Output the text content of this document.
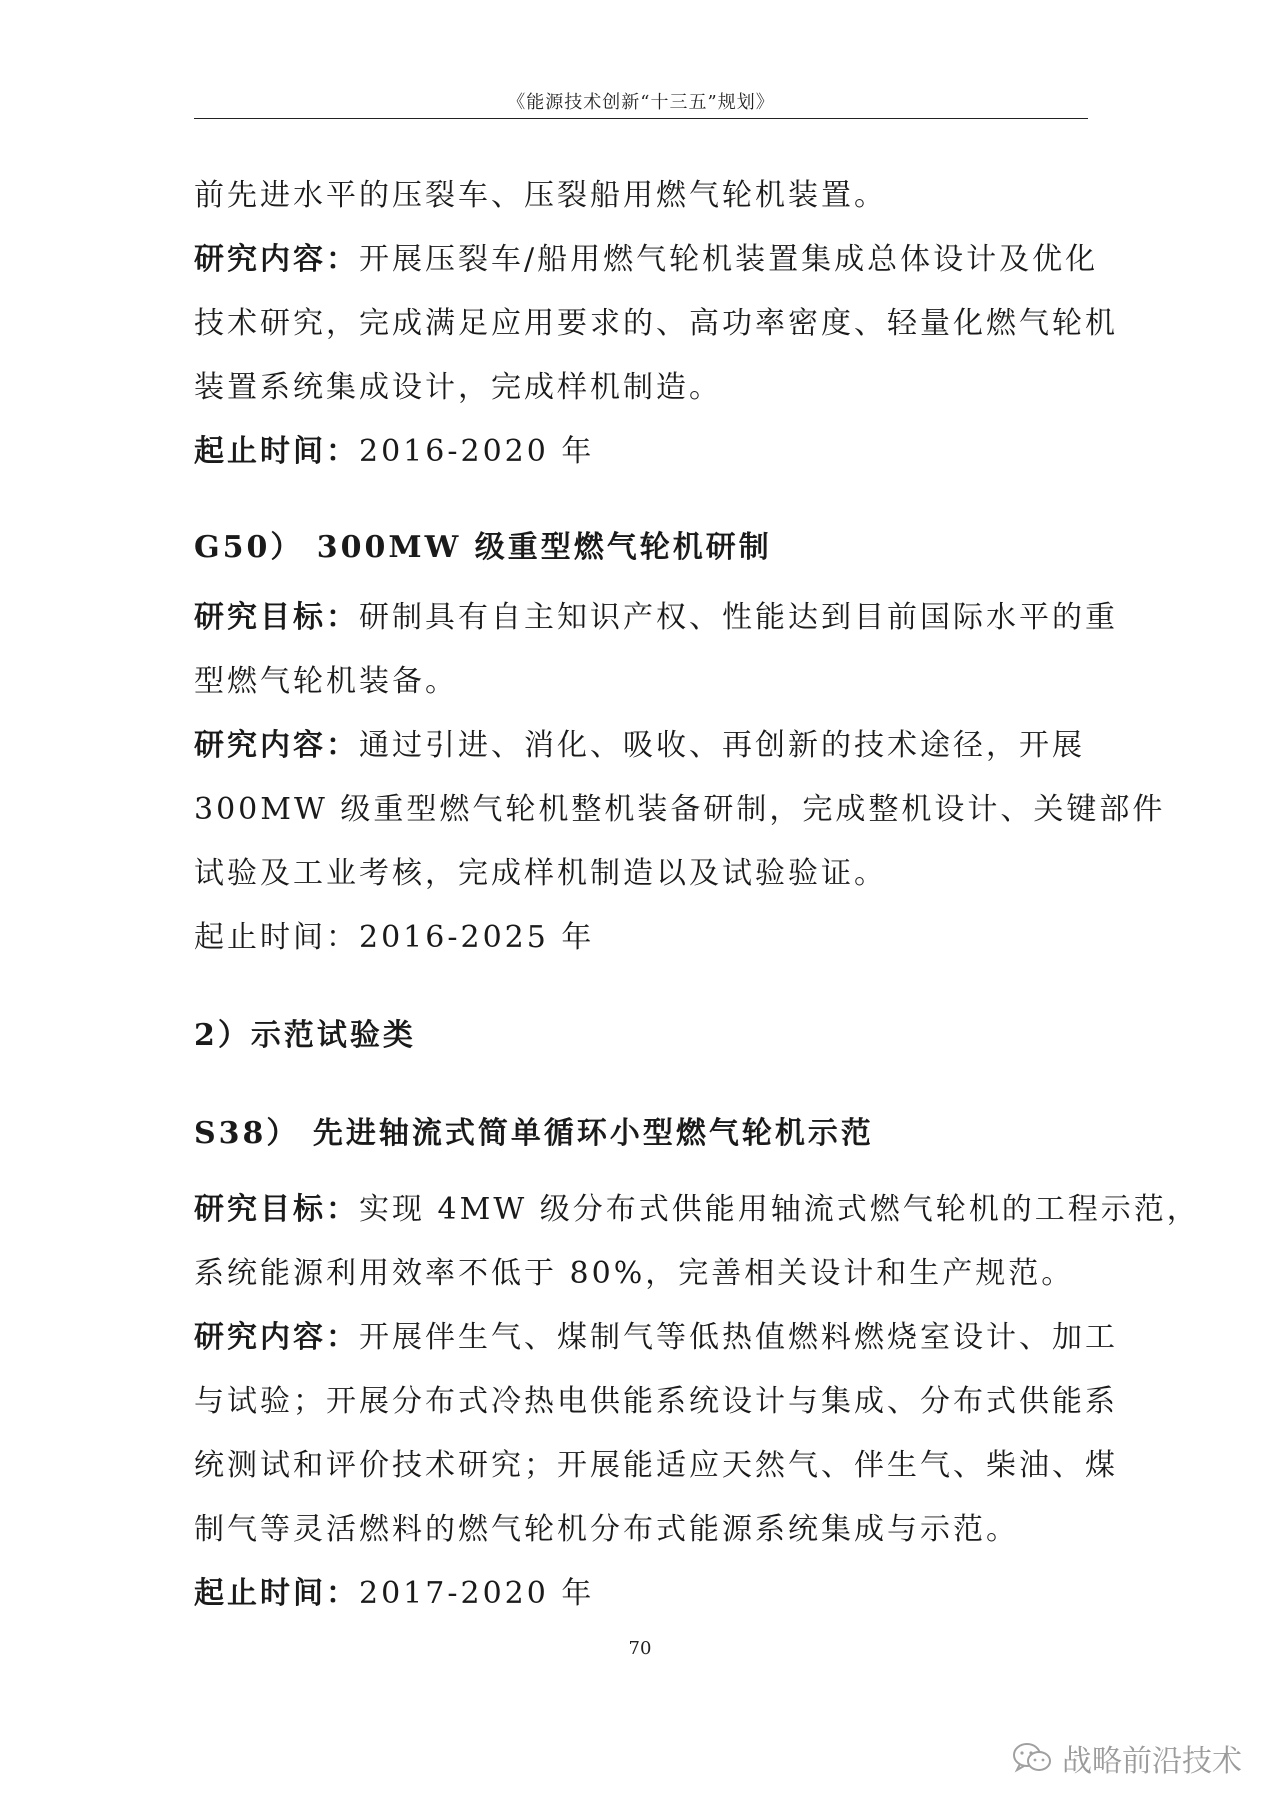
《能源技术创新“十三五”规划》
前先进水平的压裂车、压裂船用燃气轮机装置。
研究内容：开展压裂车/船用燃气轮机装置集成总体设计及优化
技术研究，完成满足应用要求的、高功率密度、轻量化燃气轮机
装置系统集成设计，完成样机制造。
起止时间：2016-2020 年
G50） 300MW 级重型燃气轮机研制
研究目标：研制具有自主知识产权、性能达到目前国际水平的重
型燃气轮机装备。
研究内容：通过引进、消化、吸收、再创新的技术途径，开展
300MW 级重型燃气轮机整机装备研制，完成整机设计、关键部件
试验及工业考核，完成样机制造以及试验验证。
起止时间：2016-2025 年
2）示范试验类
S38） 先进轴流式简单循环小型燃气轮机示范
研究目标：实现 4MW 级分布式供能用轴流式燃气轮机的工程示范，
系统能源利用效率不低于 80%，完善相关设计和生产规范。
研究内容：开展伴生气、煤制气等低热值燃料燃烧室设计、加工
与试验；开展分布式冷热电供能系统设计与集成、分布式供能系
统测试和评价技术研究；开展能适应天然气、伴生气、柴油、煤
制气等灵活燃料的燃气轮机分布式能源系统集成与示范。
起止时间：2017-2020 年
70
战略前沿技术
